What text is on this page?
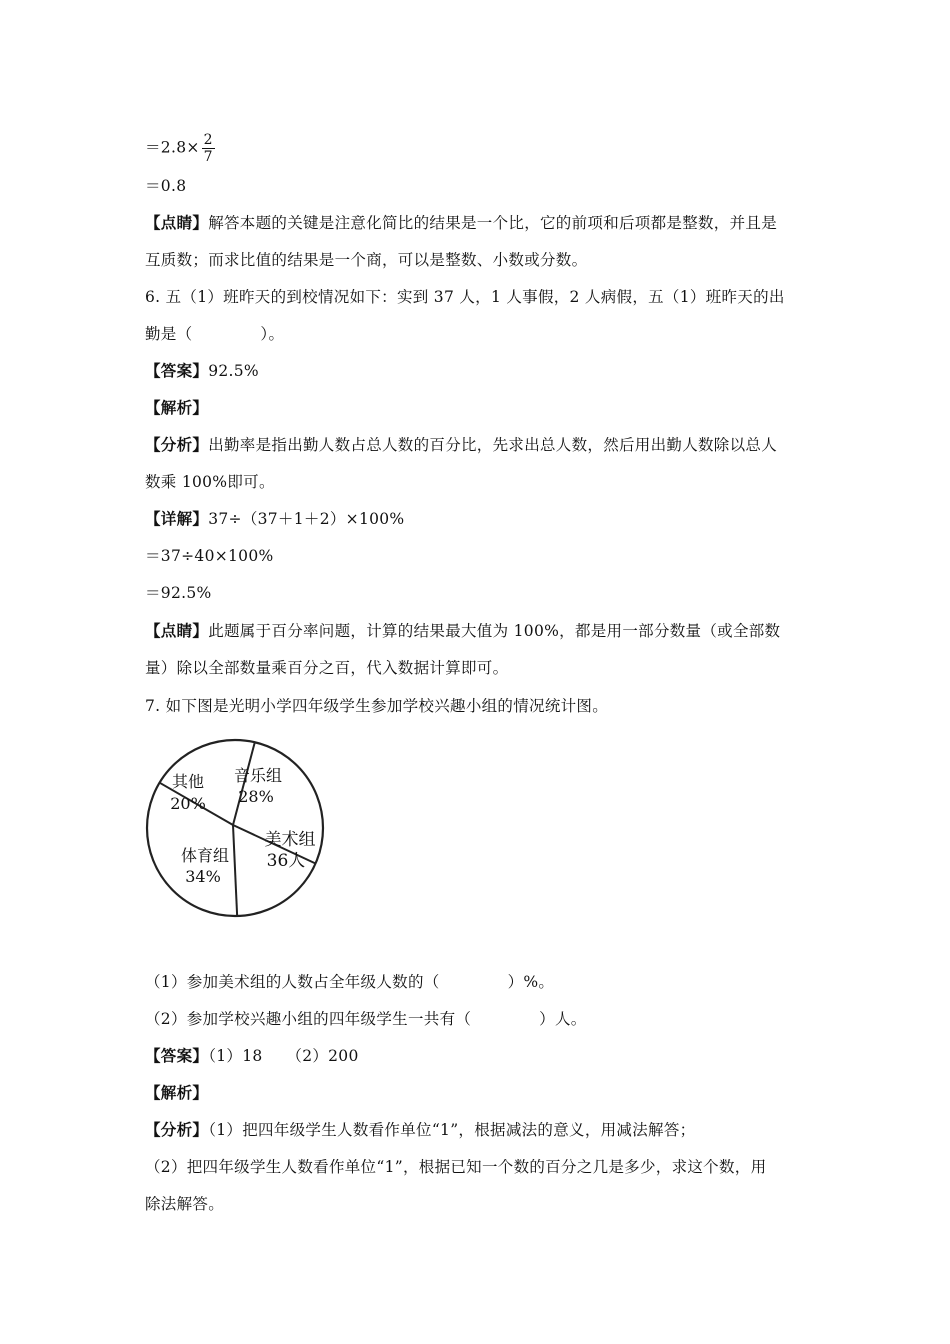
$=2.8\times \frac{2}{7}$
＝0.8
【点睛】解答本题的关键是注意化简比的结果是一个比，它的前项和后项都是整数，并且是
互质数；而求比值的结果是一个商，可以是整数、小数或分数。
6. 五（1）班昨天的到校情况如下：实到 37 人，1 人事假，2 人病假，五（1）班昨天的出
勤是（	）。
【答案】92.5%
【解析】
【分析】出勤率是指出勤人数占总人数的百分比，先求出总人数，然后用出勤人数除以总人
数乘 100%即可。
【详解】37÷（37＋1＋2）×100%
＝37÷40×100%
＝92.5%
【点睛】此题属于百分率问题，计算的结果最大值为 100%，都是用一部分数量（或全部数
量）除以全部数量乘百分之百，代入数据计算即可。
7. 如下图是光明小学四年级学生参加学校兴趣小组的情况统计图。
其他
20%
音乐组
28%
美术组
36人
体育组
34%
（1）参加美术组的人数占全年级人数的（	）%。
（2）参加学校兴趣小组的四年级学生一共有（	）人。
【答案】（1）18　　（2）200
【解析】
【分析】（1）把四年级学生人数看作单位“1”，根据减法的意义，用减法解答；
（2）把四年级学生人数看作单位“1”，根据已知一个数的百分之几是多少，求这个数，用
除法解答。
